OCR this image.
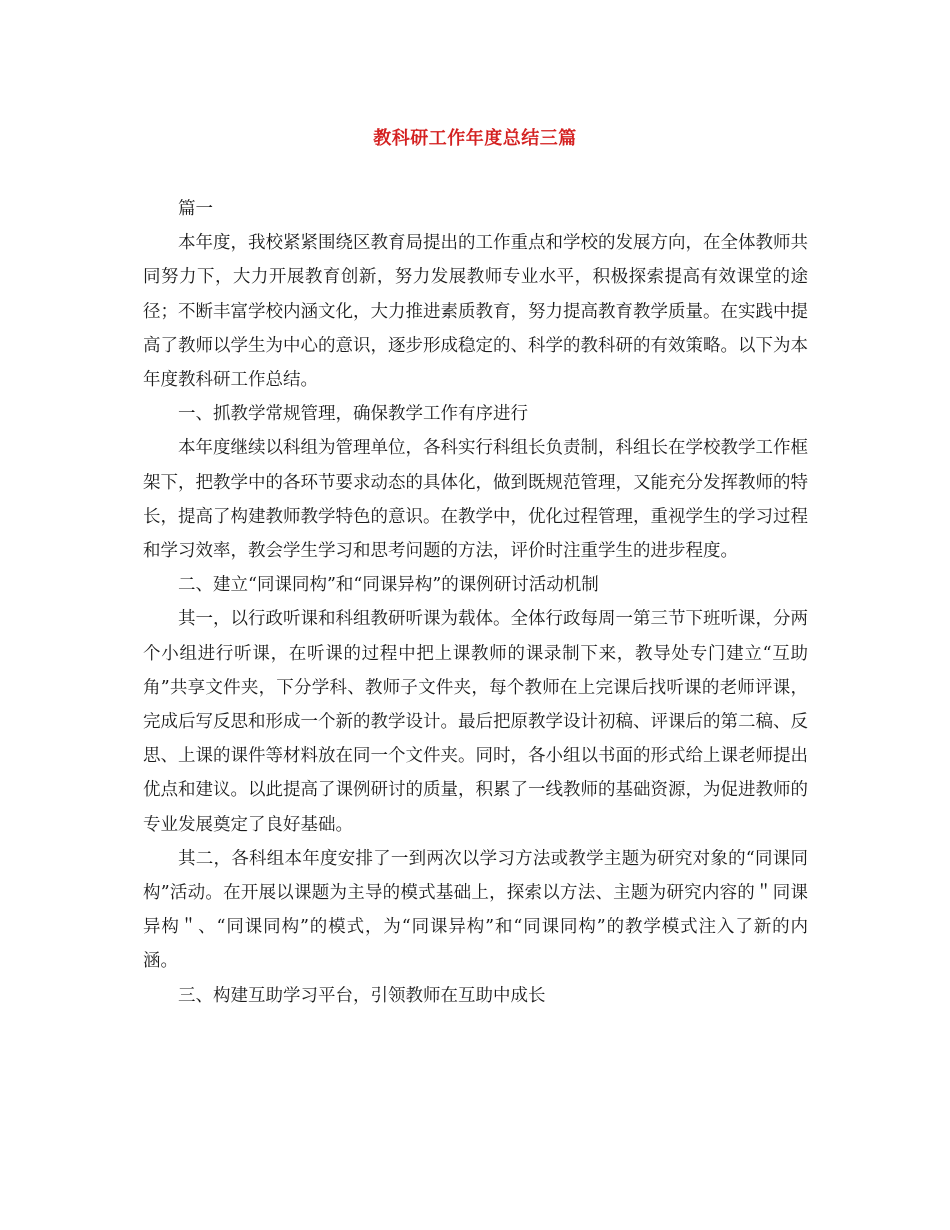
教科研工作年度总结三篇

篇一

本年度，我校紧紧围绕区教育局提出的工作重点和学校的发展方向，在全体教师共同努力下，大力开展教育创新，努力发展教师专业水平，积极探索提高有效课堂的途径；不断丰富学校内涵文化，大力推进素质教育，努力提高教育教学质量。在实践中提高了教师以学生为中心的意识，逐步形成稳定的、科学的教科研的有效策略。以下为本年度教科研工作总结。

一、抓教学常规管理，确保教学工作有序进行

本年度继续以科组为管理单位，各科实行科组长负责制，科组长在学校教学工作框架下，把教学中的各环节要求动态的具体化，做到既规范管理，又能充分发挥教师的特长，提高了构建教师教学特色的意识。在教学中，优化过程管理，重视学生的学习过程和学习效率，教会学生学习和思考问题的方法，评价时注重学生的进步程度。

二、建立“同课同构”和“同课异构”的课例研讨活动机制

其一，以行政听课和科组教研听课为载体。全体行政每周一第三节下班听课，分两个小组进行听课，在听课的过程中把上课教师的课录制下来，教导处专门建立“互助角”共享文件夹，下分学科、教师子文件夹，每个教师在上完课后找听课的老师评课，完成后写反思和形成一个新的教学设计。最后把原教学设计初稿、评课后的第二稿、反思、上课的课件等材料放在同一个文件夹。同时，各小组以书面的形式给上课老师提出优点和建议。以此提高了课例研讨的质量，积累了一线教师的基础资源，为促进教师的专业发展奠定了良好基础。

其二，各科组本年度安排了一到两次以学习方法或教学主题为研究对象的“同课同构”活动。在开展以课题为主导的模式基础上，探索以方法、主题为研究内容的＂同课异构＂、“同课同构”的模式，为“同课异构”和“同课同构”的教学模式注入了新的内涵。

三、构建互助学习平台，引领教师在互助中成长
